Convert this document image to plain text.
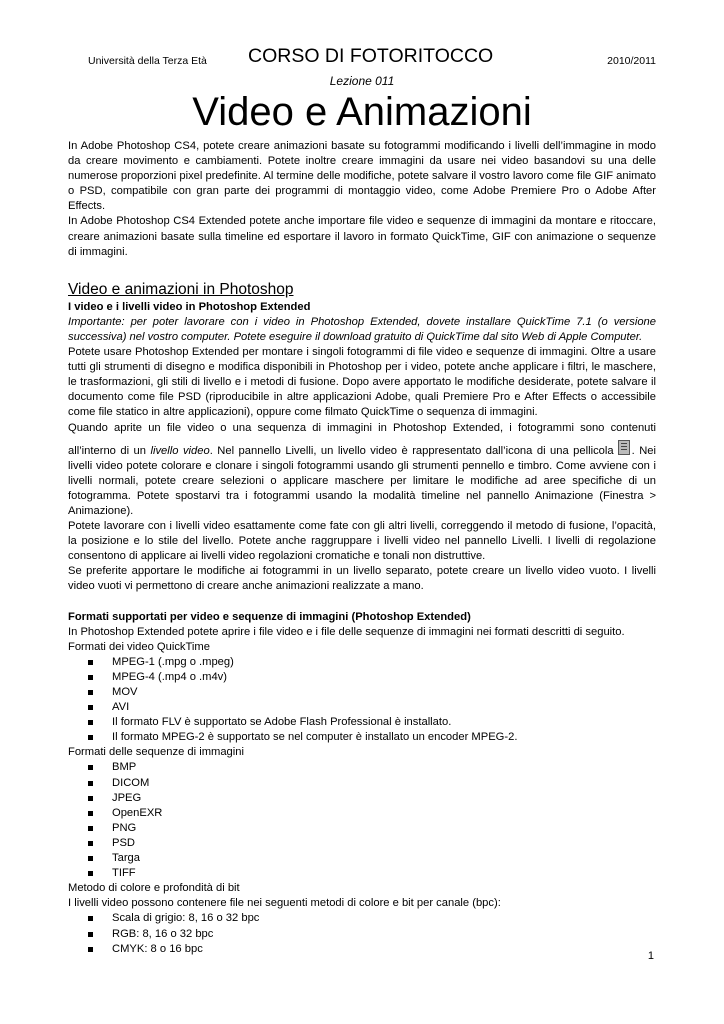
Università della Terza Età CORSO DI FOTORITOCCO	2010/2011
Lezione 011
Video e Animazioni

In Adobe Photoshop CS4, potete creare animazioni basate su fotogrammi modificando i livelli dell’immagine in modo da creare movimento e cambiamenti. Potete inoltre creare immagini da usare nei video basandovi su una delle numerose proporzioni pixel predefinite. Al termine delle modifiche, potete salvare il vostro lavoro come file GIF animato o PSD, compatibile con gran parte dei programmi di montaggio video, come Adobe Premiere Pro o Adobe After Effects.

In Adobe Photoshop CS4 Extended potete anche importare file video e sequenze di immagini da montare e ritoccare, creare animazioni basate sulla timeline ed esportare il lavoro in formato QuickTime, GIF con animazione o sequenze di immagini.

Video e animazioni in Photoshop

I video e i livelli video in Photoshop Extended

Importante: per poter lavorare con i video in Photoshop Extended, dovete installare QuickTime 7.1 (o versione successiva) nel vostro computer. Potete eseguire il download gratuito di QuickTime dal sito Web di Apple Computer.

Potete usare Photoshop Extended per montare i singoli fotogrammi di file video e sequenze di immagini. Oltre a usare tutti gli strumenti di disegno e modifica disponibili in Photoshop per i video, potete anche applicare i filtri, le maschere, le trasformazioni, gli stili di livello e i metodi di fusione. Dopo avere apportato le modifiche desiderate, potete salvare il documento come file PSD (riproducibile in altre applicazioni Adobe, quali Premiere Pro e After Effects o accessibile come file statico in altre applicazioni), oppure come filmato QuickTime o sequenza di immagini.

Quando aprite un file video o una sequenza di immagini in Photoshop Extended, i fotogrammi sono contenuti

all’interno di un livello video. Nel pannello Livelli, un livello video è rappresentato dall’icona di una pellicola . Nei livelli video potete colorare e clonare i singoli fotogrammi usando gli strumenti pennello e timbro. Come avviene con i livelli normali, potete creare selezioni o applicare maschere per limitare le modifiche ad aree specifiche di un fotogramma. Potete spostarvi tra i fotogrammi usando la modalità timeline nel pannello Animazione (Finestra > Animazione).

Potete lavorare con i livelli video esattamente come fate con gli altri livelli, correggendo il metodo di fusione, l’opacità, la posizione e lo stile del livello. Potete anche raggruppare i livelli video nel pannello Livelli. I livelli di regolazione consentono di applicare ai livelli video regolazioni cromatiche e tonali non distruttive.

Se preferite apportare le modifiche ai fotogrammi in un livello separato, potete creare un livello video vuoto. I livelli video vuoti vi permettono di creare anche animazioni realizzate a mano.

Formati supportati per video e sequenze di immagini (Photoshop Extended)

In Photoshop Extended potete aprire i file video e i file delle sequenze di immagini nei formati descritti di seguito.

Formati dei video QuickTime

MPEG-1 (.mpg o .mpeg)
MPEG-4 (.mp4 o .m4v)
MOV
AVI
Il formato FLV è supportato se Adobe Flash Professional è installato.
Il formato MPEG-2 è supportato se nel computer è installato un encoder MPEG-2.

Formati delle sequenze di immagini

BMP
DICOM
JPEG
OpenEXR
PNG
PSD
Targa
TIFF

Metodo di colore e profondità di bit

I livelli video possono contenere file nei seguenti metodi di colore e bit per canale (bpc):

Scala di grigio: 8, 16 o 32 bpc
RGB: 8, 16 o 32 bpc
CMYK: 8 o 16 bpc
1
